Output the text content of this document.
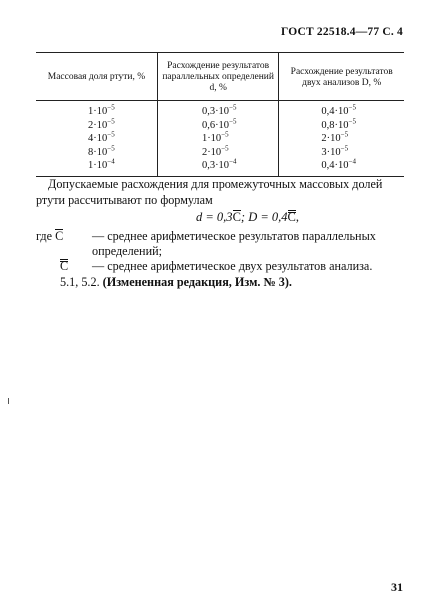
ГОСТ 22518.4—77 С. 4
Массовая доля ртути, %	Расхождение результатов параллельных определений d, %	Расхождение результатов двух анализов D, %
$1\cdot 10^{-5}$	$0,3\cdot 10^{-5}$	$0,4\cdot 10^{-5}$
$2\cdot 10^{-5}$	$0,6\cdot 10^{-5}$	$0,8\cdot 10^{-5}$
$4\cdot 10^{-5}$	$1\cdot 10^{-5}$	$2\cdot 10^{-5}$
$8\cdot 10^{-5}$	$2\cdot 10^{-5}$	$3\cdot 10^{-5}$
$1\cdot 10^{-4}$	$0,3\cdot 10^{-4}$	$0,4\cdot 10^{-4}$
Допускаемые расхождения для промежуточных массовых долей ртути рассчитывают по формулам
d = 0,3C; D = 0,4C,
где C	— среднее арифметическое результатов параллельных определений;
C	— среднее арифметическое двух результатов анализа.
5.1, 5.2. (Измененная редакция, Изм. № 3).
31
